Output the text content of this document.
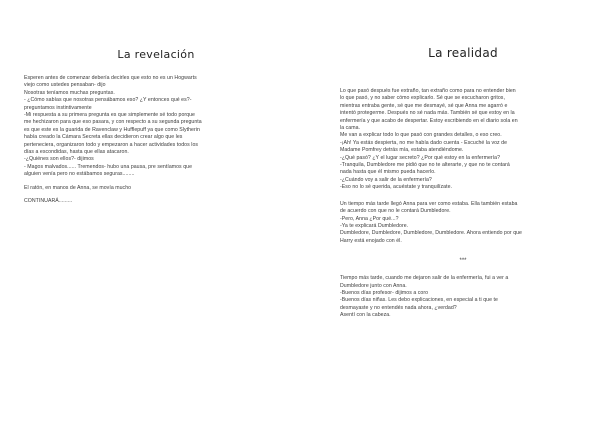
La revelación

Esperen antes de comenzar debería decirles que esto no es un Hogwarts

viejo como ustedes pensaban- dijo

Nosotras teníamos muchas preguntas.

- ¿Cómo sabías que nosotras pensábamos eso? ¿Y entonces qué es?-

preguntamos instintivamente

-Mi respuesta a su primera pregunta es que simplemente sé todo porque

me hechizaron para que eso pasara, y con respecto a su segunda pregunta

es que este es la guarida de Ravenclaw y Hufflepuff ya que como Slytherin

había creado la Cámara Secreta ellas decidieron crear algo que les

perteneciera, organizaron todo y empezaron a hacer actividades todos los

días a escondidas, hasta que ellas atacaron.

-¿Quiénes son ellos?- dijimos

- Magos malvados...... Tremendos- hubo una pausa, pre sentíamos que

alguien venía pero no estábamos seguras........

El ratón, en manos de Anna, se movía mucho

CONTINUARÁ.........

La realidad

Lo que pasó después fue extraño, tan extraño como para no entender bien

lo que pasó, y no saber cómo explicarlo. Sé que se escucharon gritos,

mientras entraba gente, sé que me desmayé, sé que Anna me agarró e

intentó protegerme. Después no sé nada más. También sé que estoy en la

enfermería y que acabo de despertar. Estoy escribiendo en el diario sola en

la cama.

Me van a explicar todo lo que pasó con grandes detalles, o eso creo.

-¡Ah! Ya estás despierta, no me había dado cuenta - Escuché la voz de

Madame Pomfrey detrás mía, estaba atendiéndome.

-¿Qué pasó? ¿Y el lugar secreto? ¿Por qué estoy en la enfermería?

-Tranquila, Dumbledore me pidió que no te alterarte, y que no te contará

nada hasta que él mismo pueda hacerlo.

-¿Cuándo voy a salir de la enfermería?

-Eso no lo sé querida, acuéstate y tranquilízate.

Un tiempo más tarde llegó Anna para ver como estaba. Ella también estaba

de acuerdo con que no le contará Dumbledore.

-Pero, Anna ¿Por qué...?

-Ya te explicará Dumbledore.

Dumbledore, Dumbledore, Dumbledore, Dumbledore. Ahora entiendo por que

Harry está enojado con él.

***

Tiempo más tarde, cuando me dejaron salir de la enfermería, fui a ver a

Dumbledore junto con Anna.

-Buenos días profesor- dijimos a coro

-Buenos días niñas. Les debo explicaciones, en especial a ti que te

desmayaste y no entendés nada ahora, ¿verdad?

Asentí con la cabeza.
